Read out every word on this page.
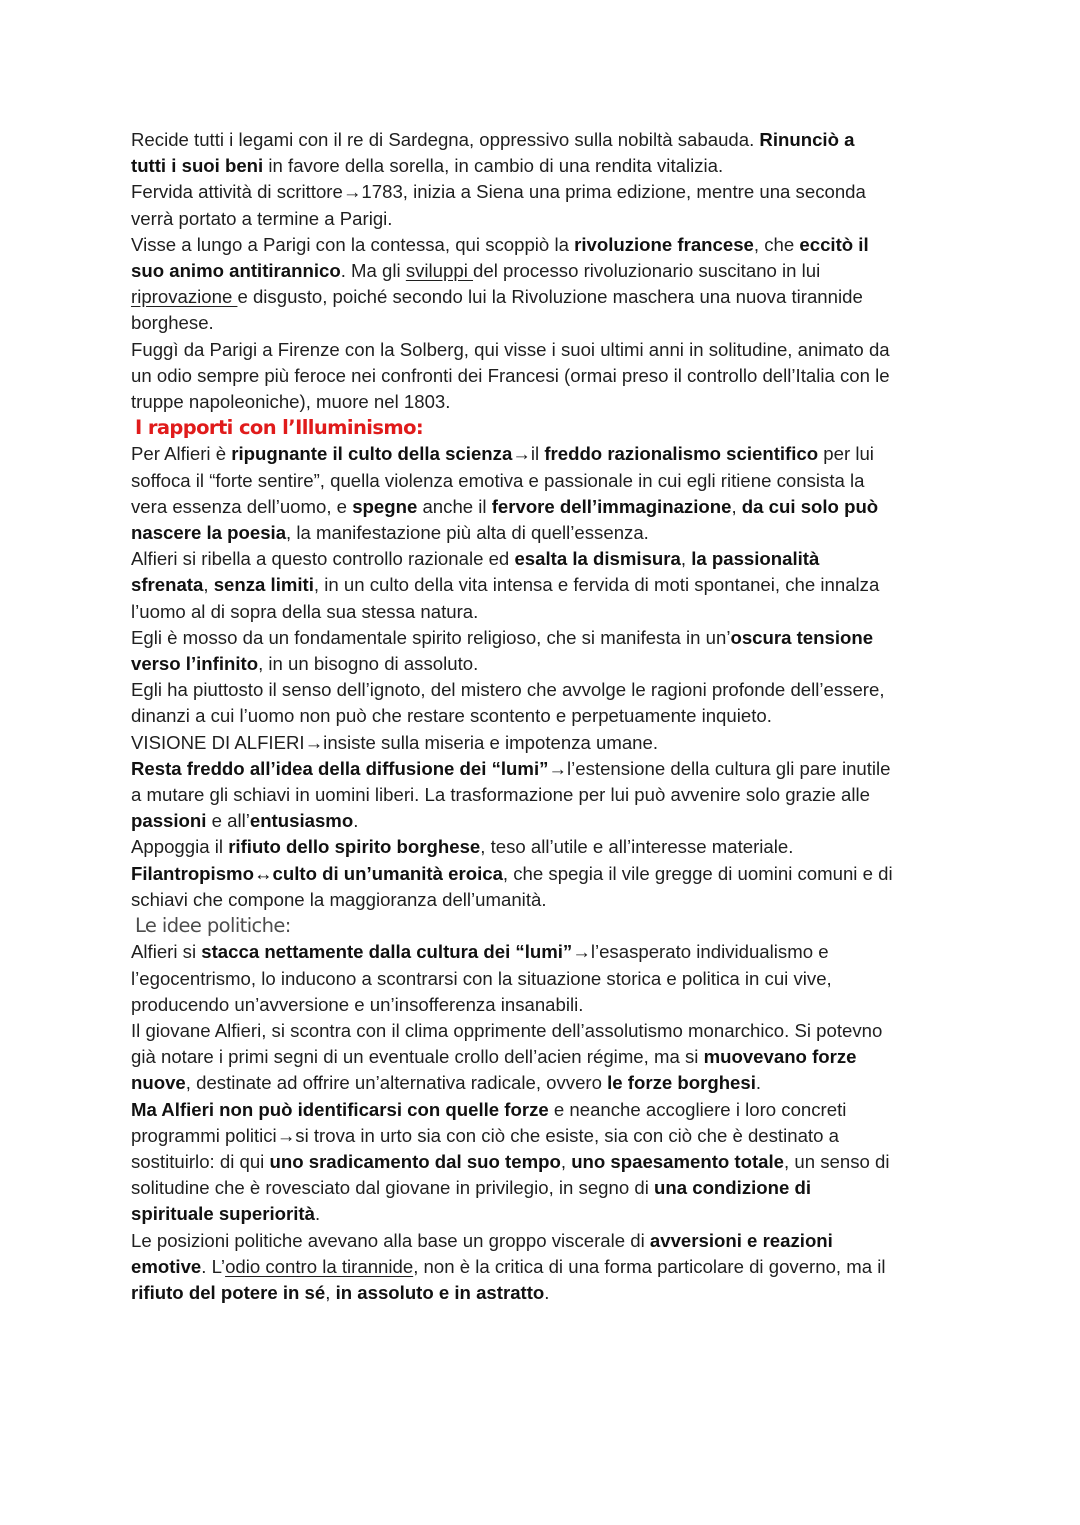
Recide tutti i legami con il re di Sardegna, oppressivo sulla nobiltà sabauda. Rinunciò a
tutti i suoi beni in favore della sorella, in cambio di una rendita vitalizia.
Fervida attività di scrittore→1783, inizia a Siena una prima edizione, mentre una seconda
verrà portato a termine a Parigi.
Visse a lungo a Parigi con la contessa, qui scoppiò la rivoluzione francese, che eccitò il
suo animo antitirannico. Ma gli sviluppi del processo rivoluzionario suscitano in lui
riprovazione e disgusto, poiché secondo lui la Rivoluzione maschera una nuova tirannide
borghese.
Fuggì da Parigi a Firenze con la Solberg, qui visse i suoi ultimi anni in solitudine, animato da
un odio sempre più feroce nei confronti dei Francesi (ormai preso il controllo dell’Italia con le
truppe napoleoniche), muore nel 1803.
I rapporti con l’Illuminismo:
Per Alfieri è ripugnante il culto della scienza→il freddo razionalismo scientifico per lui
soffoca il “forte sentire”, quella violenza emotiva e passionale in cui egli ritiene consista la
vera essenza dell’uomo, e spegne anche il fervore dell’immaginazione, da cui solo può
nascere la poesia, la manifestazione più alta di quell’essenza.
Alfieri si ribella a questo controllo razionale ed esalta la dismisura, la passionalità
sfrenata, senza limiti, in un culto della vita intensa e fervida di moti spontanei, che innalza
l’uomo al di sopra della sua stessa natura.
Egli è mosso da un fondamentale spirito religioso, che si manifesta in un’oscura tensione
verso l’infinito, in un bisogno di assoluto.
Egli ha piuttosto il senso dell’ignoto, del mistero che avvolge le ragioni profonde dell’essere,
dinanzi a cui l’uomo non può che restare scontento e perpetuamente inquieto.
VISIONE DI ALFIERI→insiste sulla miseria e impotenza umane.
Resta freddo all’idea della diffusione dei “lumi”→l’estensione della cultura gli pare inutile
a mutare gli schiavi in uomini liberi. La trasformazione per lui può avvenire solo grazie alle
passioni e all’entusiasmo.
Appoggia il rifiuto dello spirito borghese, teso all’utile e all’interesse materiale.
Filantropismo↔culto di un’umanità eroica, che spegia il vile gregge di uomini comuni e di
schiavi che compone la maggioranza dell’umanità.
Le idee politiche:
Alfieri si stacca nettamente dalla cultura dei “lumi”→l’esasperato individualismo e
l’egocentrismo, lo inducono a scontrarsi con la situazione storica e politica in cui vive,
producendo un’avversione e un’insofferenza insanabili.
Il giovane Alfieri, si scontra con il clima opprimente dell’assolutismo monarchico. Si potevno
già notare i primi segni di un eventuale crollo dell’acien régime, ma si muovevano forze
nuove, destinate ad offrire un’alternativa radicale, ovvero le forze borghesi.
Ma Alfieri non può identificarsi con quelle forze e neanche accogliere i loro concreti
programmi politici→si trova in urto sia con ciò che esiste, sia con ciò che è destinato a
sostituirlo: di qui uno sradicamento dal suo tempo, uno spaesamento totale, un senso di
solitudine che è rovesciato dal giovane in privilegio, in segno di una condizione di
spirituale superiorità.
Le posizioni politiche avevano alla base un groppo viscerale di avversioni e reazioni
emotive. L’odio contro la tirannide, non è la critica di una forma particolare di governo, ma il
rifiuto del potere in sé, in assoluto e in astratto.
